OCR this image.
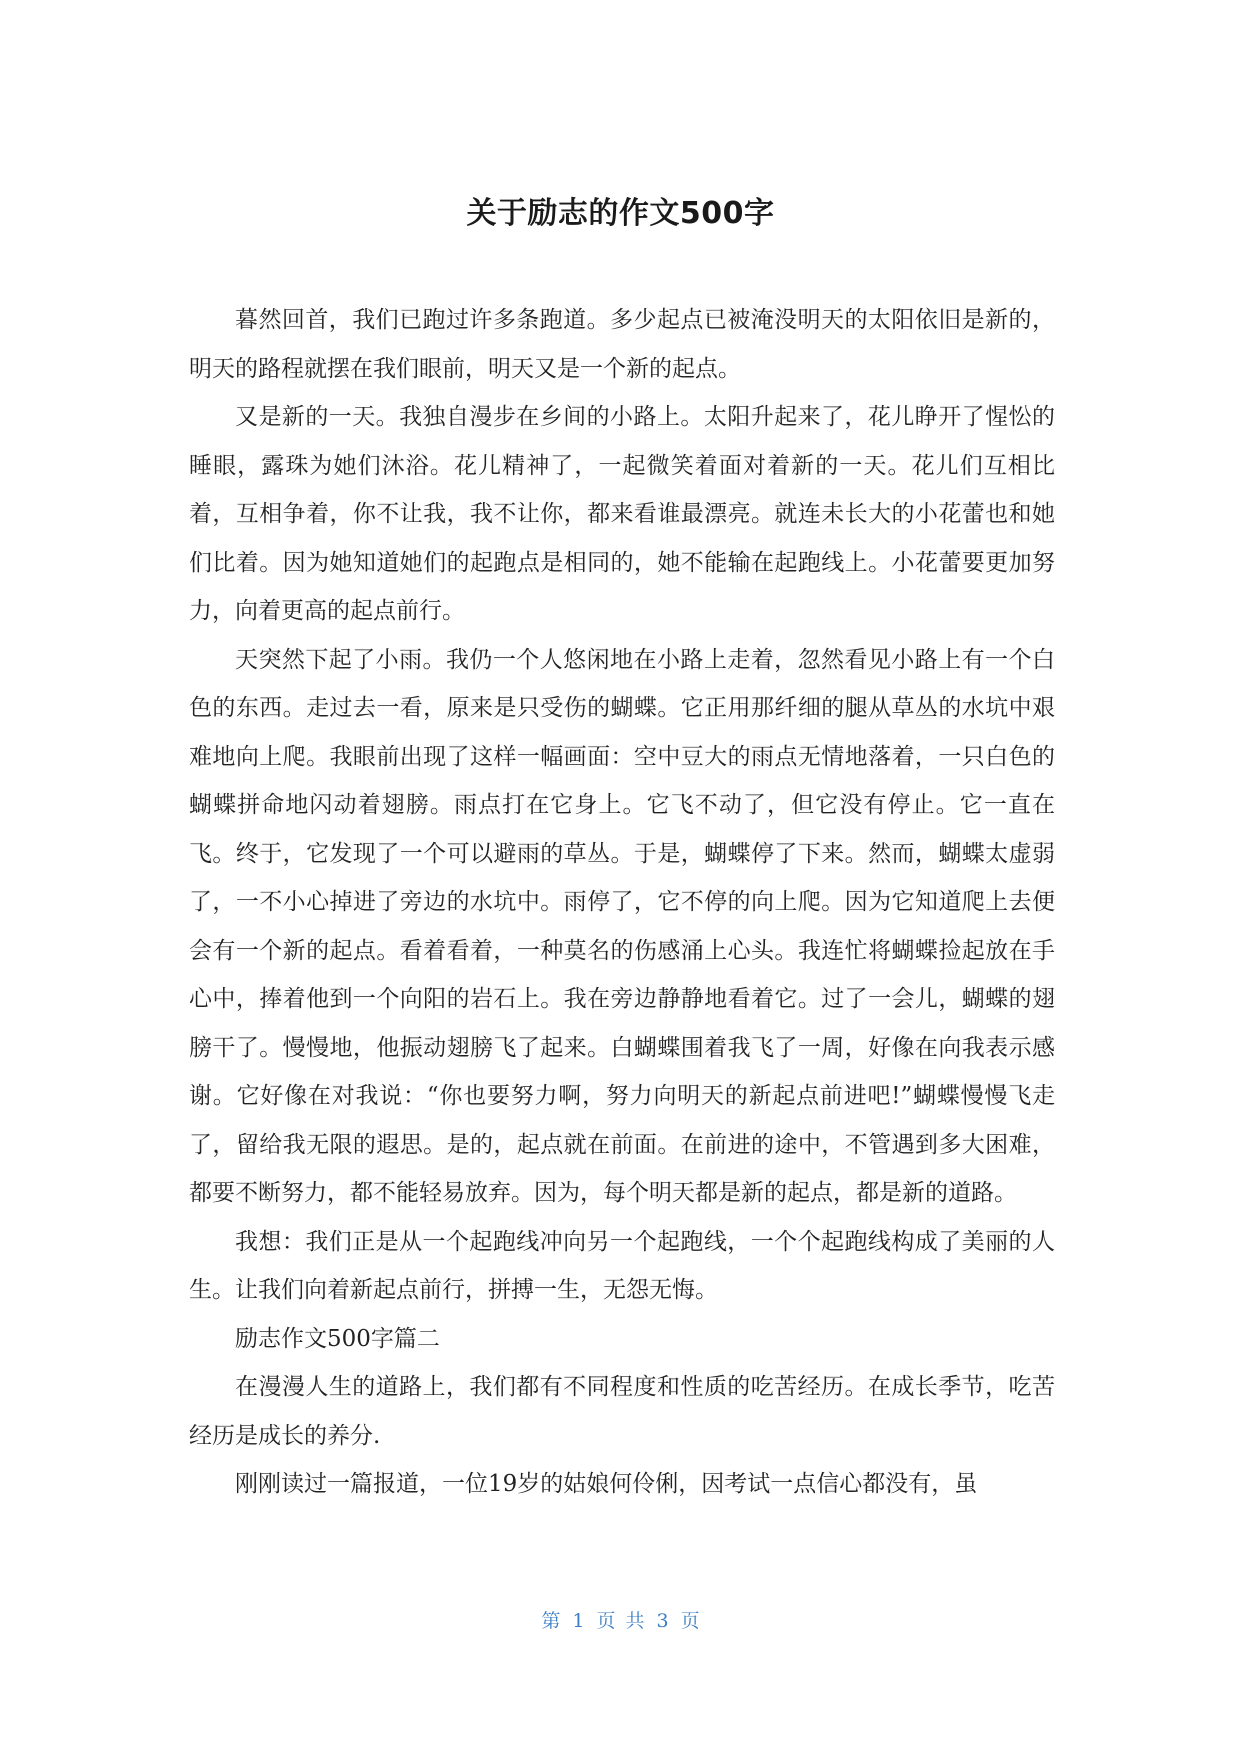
关于励志的作文500字

暮然回首，我们已跑过许多条跑道。多少起点已被淹没明天的太阳依旧是新的，明天的路程就摆在我们眼前，明天又是一个新的起点。

又是新的一天。我独自漫步在乡间的小路上。太阳升起来了，花儿睁开了惺忪的睡眼，露珠为她们沐浴。花儿精神了，一起微笑着面对着新的一天。花儿们互相比着，互相争着，你不让我，我不让你，都来看谁最漂亮。就连未长大的小花蕾也和她们比着。因为她知道她们的起跑点是相同的，她不能输在起跑线上。小花蕾要更加努力，向着更高的起点前行。

天突然下起了小雨。我仍一个人悠闲地在小路上走着，忽然看见小路上有一个白色的东西。走过去一看，原来是只受伤的蝴蝶。它正用那纤细的腿从草丛的水坑中艰难地向上爬。我眼前出现了这样一幅画面：空中豆大的雨点无情地落着，一只白色的蝴蝶拼命地闪动着翅膀。雨点打在它身上。它飞不动了，但它没有停止。它一直在飞。终于，它发现了一个可以避雨的草丛。于是，蝴蝶停了下来。然而，蝴蝶太虚弱了，一不小心掉进了旁边的水坑中。雨停了，它不停的向上爬。因为它知道爬上去便会有一个新的起点。看着看着，一种莫名的伤感涌上心头。我连忙将蝴蝶捡起放在手心中，捧着他到一个向阳的岩石上。我在旁边静静地看着它。过了一会儿，蝴蝶的翅膀干了。慢慢地，他振动翅膀飞了起来。白蝴蝶围着我飞了一周，好像在向我表示感谢。它好像在对我说：“你也要努力啊，努力向明天的新起点前进吧!”蝴蝶慢慢飞走了，留给我无限的遐思。是的，起点就在前面。在前进的途中，不管遇到多大困难，都要不断努力，都不能轻易放弃。因为，每个明天都是新的起点，都是新的道路。

我想：我们正是从一个起跑线冲向另一个起跑线，一个个起跑线构成了美丽的人生。让我们向着新起点前行，拼搏一生，无怨无悔。

励志作文500字篇二

在漫漫人生的道路上，我们都有不同程度和性质的吃苦经历。在成长季节，吃苦经历是成长的养分.

刚刚读过一篇报道，一位19岁的姑娘何伶俐，因考试一点信心都没有，虽

第 1 页 共 3 页
